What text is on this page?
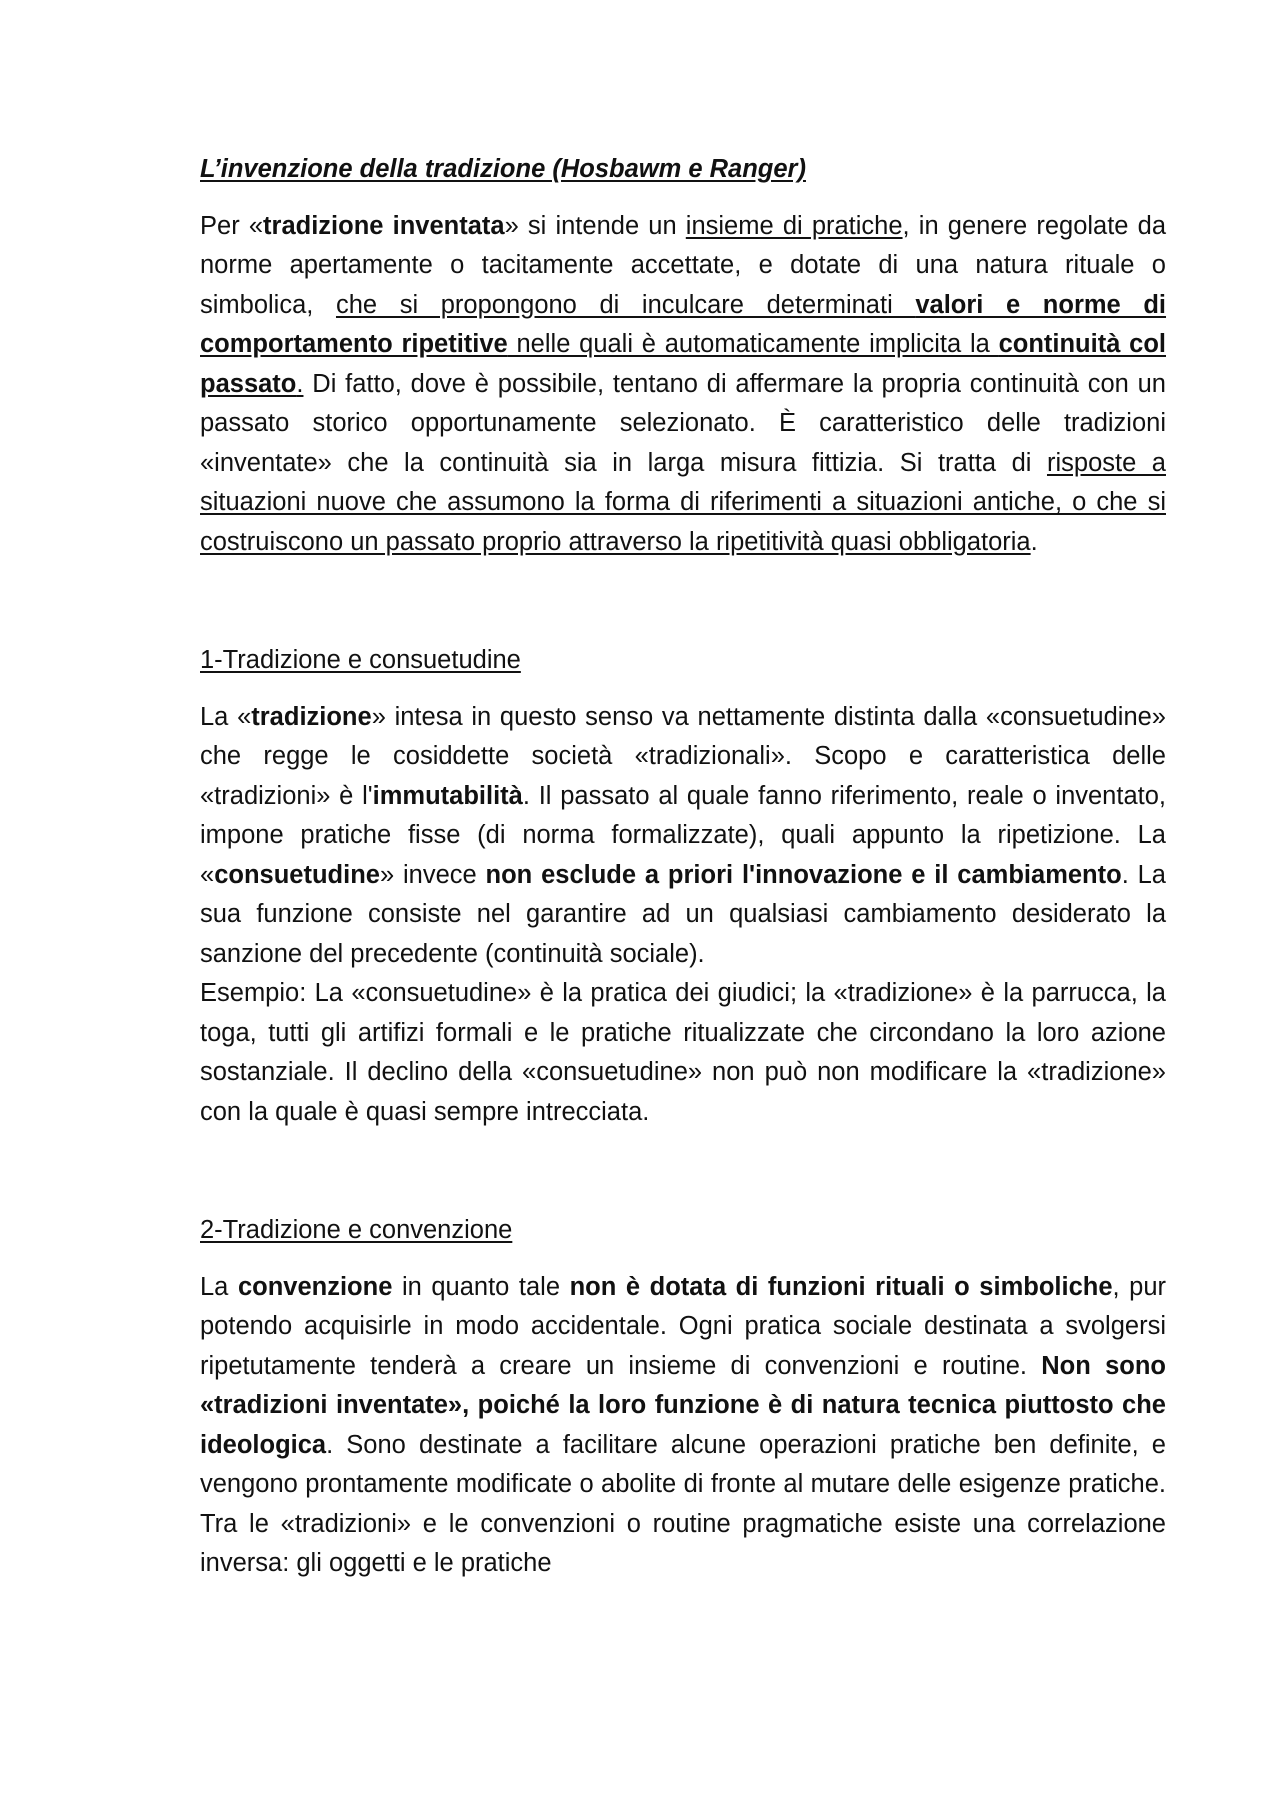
L’invenzione della tradizione (Hosbawm e Ranger)

Per «tradizione inventata» si intende un insieme di pratiche, in genere regolate da norme apertamente o tacitamente accettate, e dotate di una natura rituale o simbolica, che si propongono di inculcare determinati valori e norme di comportamento ripetitive nelle quali è automaticamente implicita la continuità col passato. Di fatto, dove è possibile, tentano di affermare la propria continuità con un passato storico opportunamente selezionato. È caratteristico delle tradizioni «inventate» che la continuità sia in larga misura fittizia. Si tratta di risposte a situazioni nuove che assumono la forma di riferimenti a situazioni antiche, o che si costruiscono un passato proprio attraverso la ripetitività quasi obbligatoria.

1-Tradizione e consuetudine

La «tradizione» intesa in questo senso va nettamente distinta dalla «consuetudine» che regge le cosiddette società «tradizionali». Scopo e caratteristica delle «tradizioni» è l'immutabilità. Il passato al quale fanno riferimento, reale o inventato, impone pratiche fisse (di norma formalizzate), quali appunto la ripetizione. La «consuetudine» invece non esclude a priori l'innovazione e il cambiamento. La sua funzione consiste nel garantire ad un qualsiasi cambiamento desiderato la sanzione del precedente (continuità sociale).

Esempio: La «consuetudine» è la pratica dei giudici; la «tradizione» è la parrucca, la toga, tutti gli artifizi formali e le pratiche ritualizzate che circondano la loro azione sostanziale. Il declino della «consuetudine» non può non modificare la «tradizione» con la quale è quasi sempre intrecciata.

2-Tradizione e convenzione

La convenzione in quanto tale non è dotata di funzioni rituali o simboliche, pur potendo acquisirle in modo accidentale. Ogni pratica sociale destinata a svolgersi ripetutamente tenderà a creare un insieme di convenzioni e routine. Non sono «tradizioni inventate», poiché la loro funzione è di natura tecnica piuttosto che ideologica. Sono destinate a facilitare alcune operazioni pratiche ben definite, e vengono prontamente modificate o abolite di fronte al mutare delle esigenze pratiche. Tra le «tradizioni» e le convenzioni o routine pragmatiche esiste una correlazione inversa: gli oggetti e le pratiche
